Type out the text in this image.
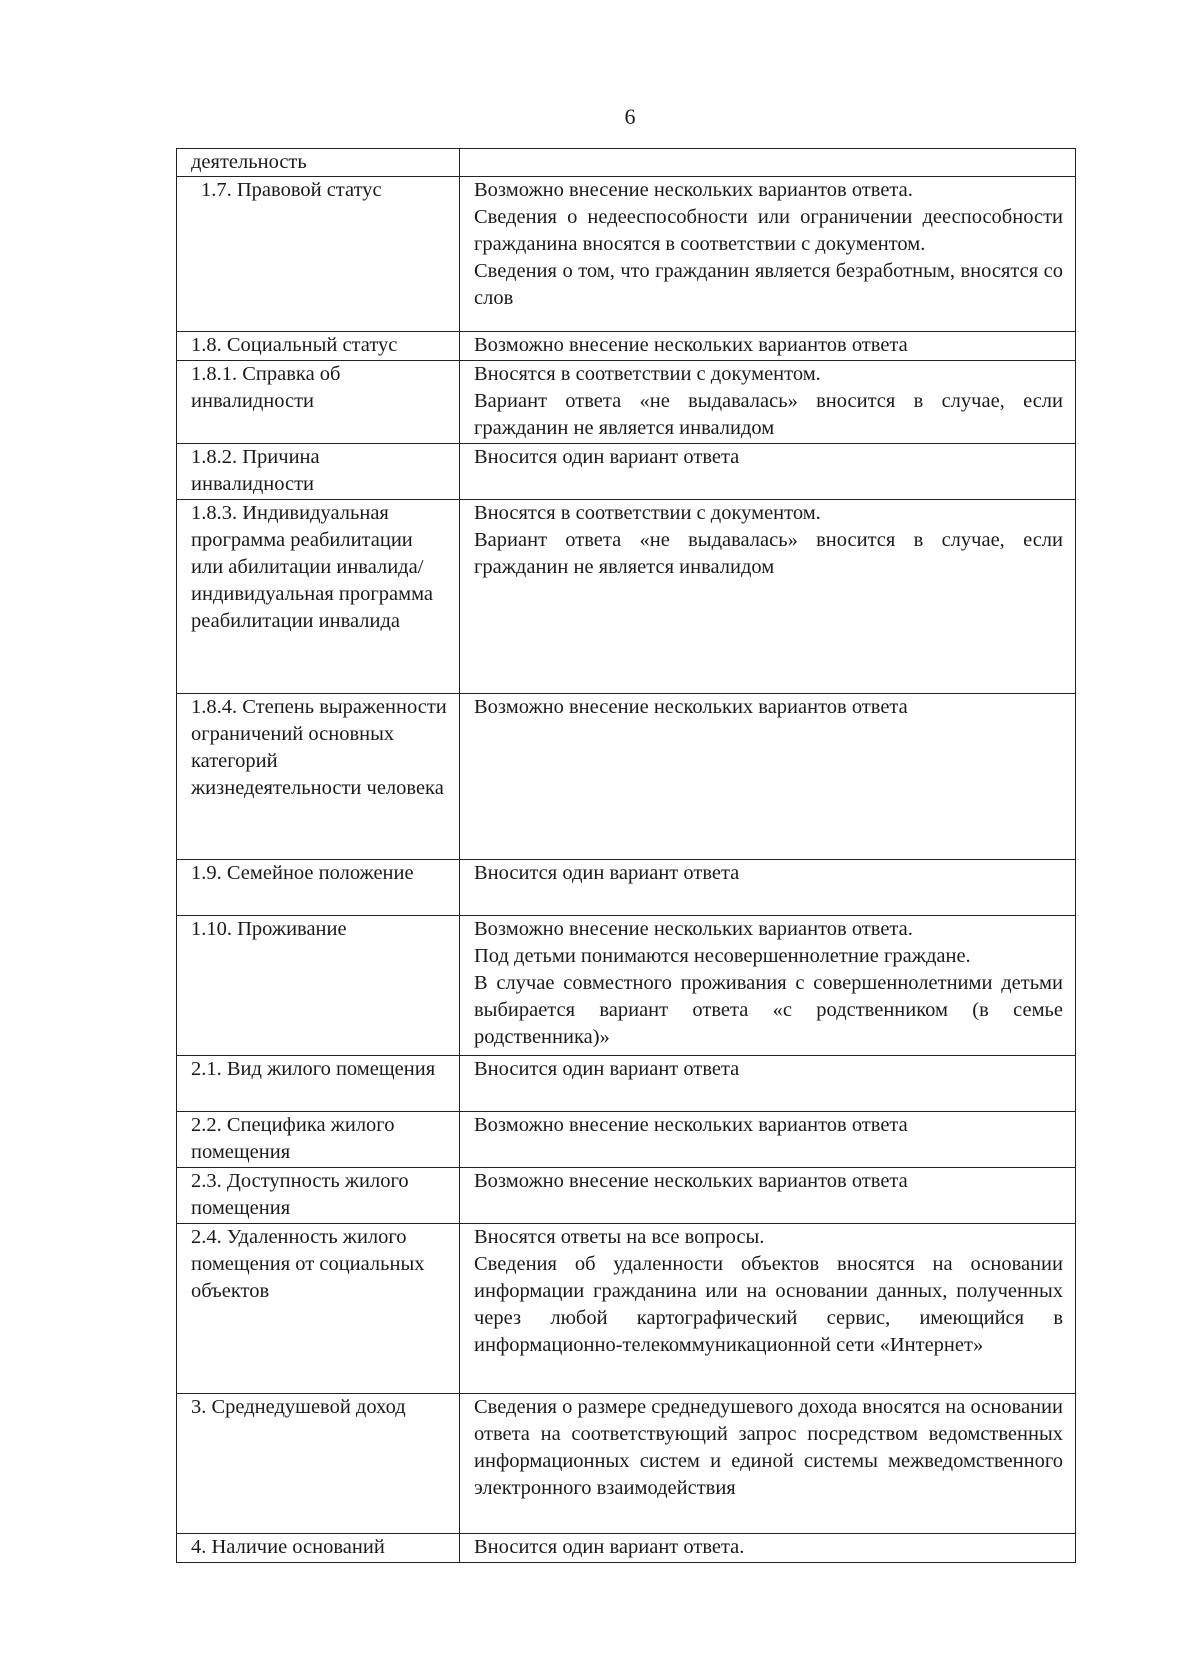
6
деятельность	

1.7. Правовой статус	Возможно внесение нескольких вариантов ответа.

Сведения о недееспособности или ограничении дееспособности гражданина вносятся в соответствии с документом.

Сведения о том, что гражданин является безработным, вносятся со слов

1.8. Социальный статус	Возможно внесение нескольких вариантов ответа

1.8.1. Справка об инвалидности	Вносятся в соответствии с документом.

Вариант ответа «не выдавалась» вносится в случае, если гражданин не является инвалидом

1.8.2. Причина инвалидности	Вносится один вариант ответа

1.8.3. Индивидуальная программа реабилитации или абилитации инвалида/ индивидуальная программа реабилитации инвалида	Вносятся в соответствии с документом.

Вариант ответа «не выдавалась» вносится в случае, если гражданин не является инвалидом

1.8.4. Степень выраженности ограничений основных категорий жизнедеятельности человека	Возможно внесение нескольких вариантов ответа

1.9. Семейное положение	Вносится один вариант ответа

1.10. Проживание	Возможно внесение нескольких вариантов ответа.

Под детьми понимаются несовершеннолетние граждане.

В случае совместного проживания с совершеннолетними детьми выбирается вариант ответа «с родственником (в семье родственника)»

2.1. Вид жилого помещения	Вносится один вариант ответа

2.2. Специфика жилого помещения	Возможно внесение нескольких вариантов ответа

2.3. Доступность жилого помещения	Возможно внесение нескольких вариантов ответа

2.4. Удаленность жилого помещения от социальных объектов	Вносятся ответы на все вопросы.

Сведения об удаленности объектов вносятся на основании информации гражданина или на основании данных, полученных через любой картографический сервис, имеющийся в информационно-телекоммуникационной сети «Интернет»

3. Среднедушевой доход	Сведения о размере среднедушевого дохода вносятся на основании ответа на соответствующий запрос посредством ведомственных информационных систем и единой системы межведомственного электронного взаимодействия

4. Наличие оснований	Вносится один вариант ответа.
